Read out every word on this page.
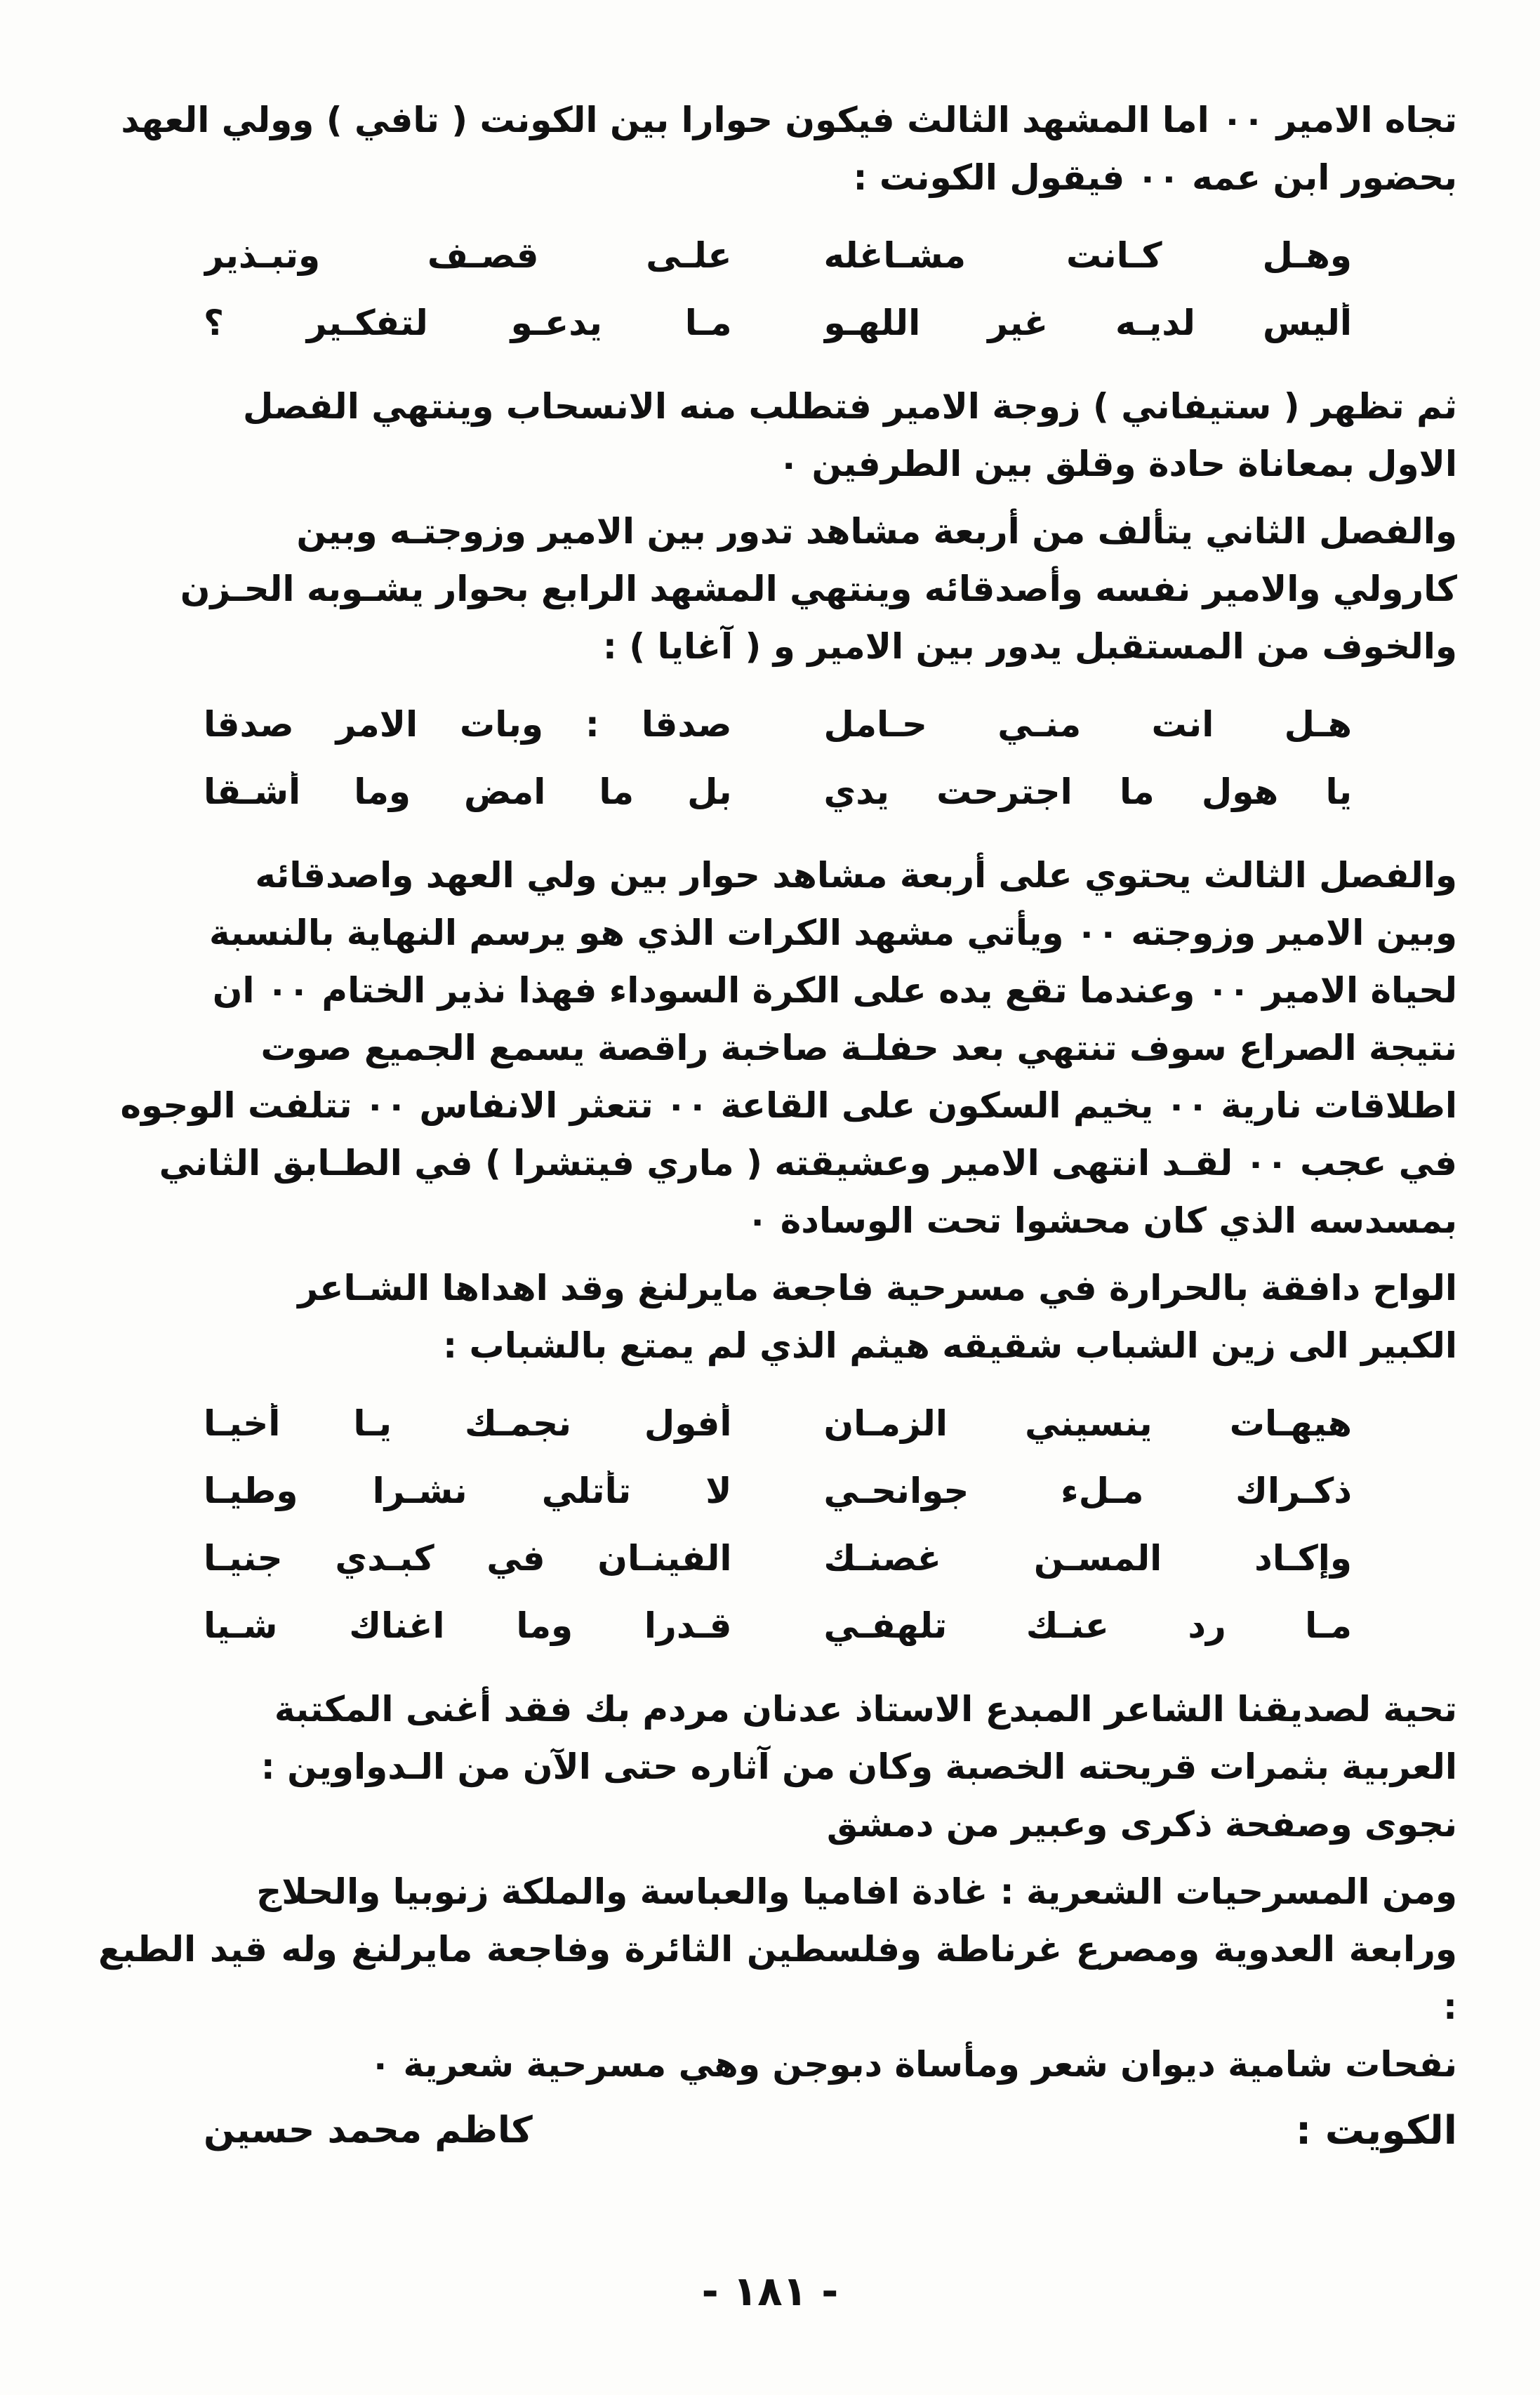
تجاه الامير ٠٠ اما المشهد الثالث فيكون حوارا بين الكونت ( تافي ) وولي العهد
بحضور ابن عمه ٠٠ فيقول الكونت :
وهـل كـانت مشـاغله
علـى قصـف وتبـذير
أليس لديـه غير اللهـو
مـا يدعـو لتفكـير ؟
ثم تظهر ( ستيفاني ) زوجة الامير فتطلب منه الانسحاب وينتهي الفصل
الاول بمعاناة حادة وقلق بين الطرفين ٠
والفصل الثاني يتألف من أربعة مشاهد تدور بين الامير وزوجتـه وبين
كارولي والامير نفسه وأصدقائه وينتهي المشهد الرابع بحوار يشـوبه الحـزن
والخوف من المستقبل يدور بين الامير و ( آغايا ) :
هـل انت منـي حـامل
صدقا : وبات الامر صدقا
يا هول ما اجترحت يدي
بل ما امض وما أشـقا
والفصل الثالث يحتوي على أربعة مشاهد حوار بين ولي العهد واصدقائه
وبين الامير وزوجته ٠٠ ويأتي مشهد الكرات الذي هو يرسم النهاية بالنسبة
لحياة الامير ٠٠ وعندما تقع يده على الكرة السوداء فهذا نذير الختام ٠٠ ان
نتيجة الصراع سوف تنتهي بعد حفلـة صاخبة راقصة يسمع الجميع صوت
اطلاقات نارية ٠٠ يخيم السكون على القاعة ٠٠ تتعثر الانفاس ٠٠ تتلفت الوجوه
في عجب ٠٠ لقـد انتهى الامير وعشيقته ( ماري فيتشرا ) في الطـابق الثاني
بمسدسه الذي كان محشوا تحت الوسادة ٠
الواح دافقة بالحرارة في مسرحية فاجعة مايرلنغ وقد اهداها الشـاعر
الكبير الى زين الشباب شقيقه هيثم الذي لم يمتع بالشباب :
هيهـات ينسيني الزمـان
أفول نجمـك يـا أخيـا
ذكـراك مـلء جوانحـي
لا تأتلي نشـرا وطيـا
وإكـاد المسـن غصنـك
الفينـان في كبـدي جنيـا
مـا رد عنـك تلهفـي
قـدرا وما اغناك شـيا
تحية لصديقنا الشاعر المبدع الاستاذ عدنان مردم بك فقد أغنى المكتبة
العربية بثمرات قريحته الخصبة وكان من آثاره حتى الآن من الـدواوين :
نجوى وصفحة ذكرى وعبير من دمشق
ومن المسرحيات الشعرية : غادة افاميا والعباسة والملكة زنوبيا والحلاج
ورابعة العدوية ومصرع غرناطة وفلسطين الثائرة وفاجعة مايرلنغ وله قيد الطبع :
نفحات شامية ديوان شعر ومأساة دبوجن وهي مسرحية شعرية ٠
الكويت :
كاظم محمد حسين
- ١٨١ -
